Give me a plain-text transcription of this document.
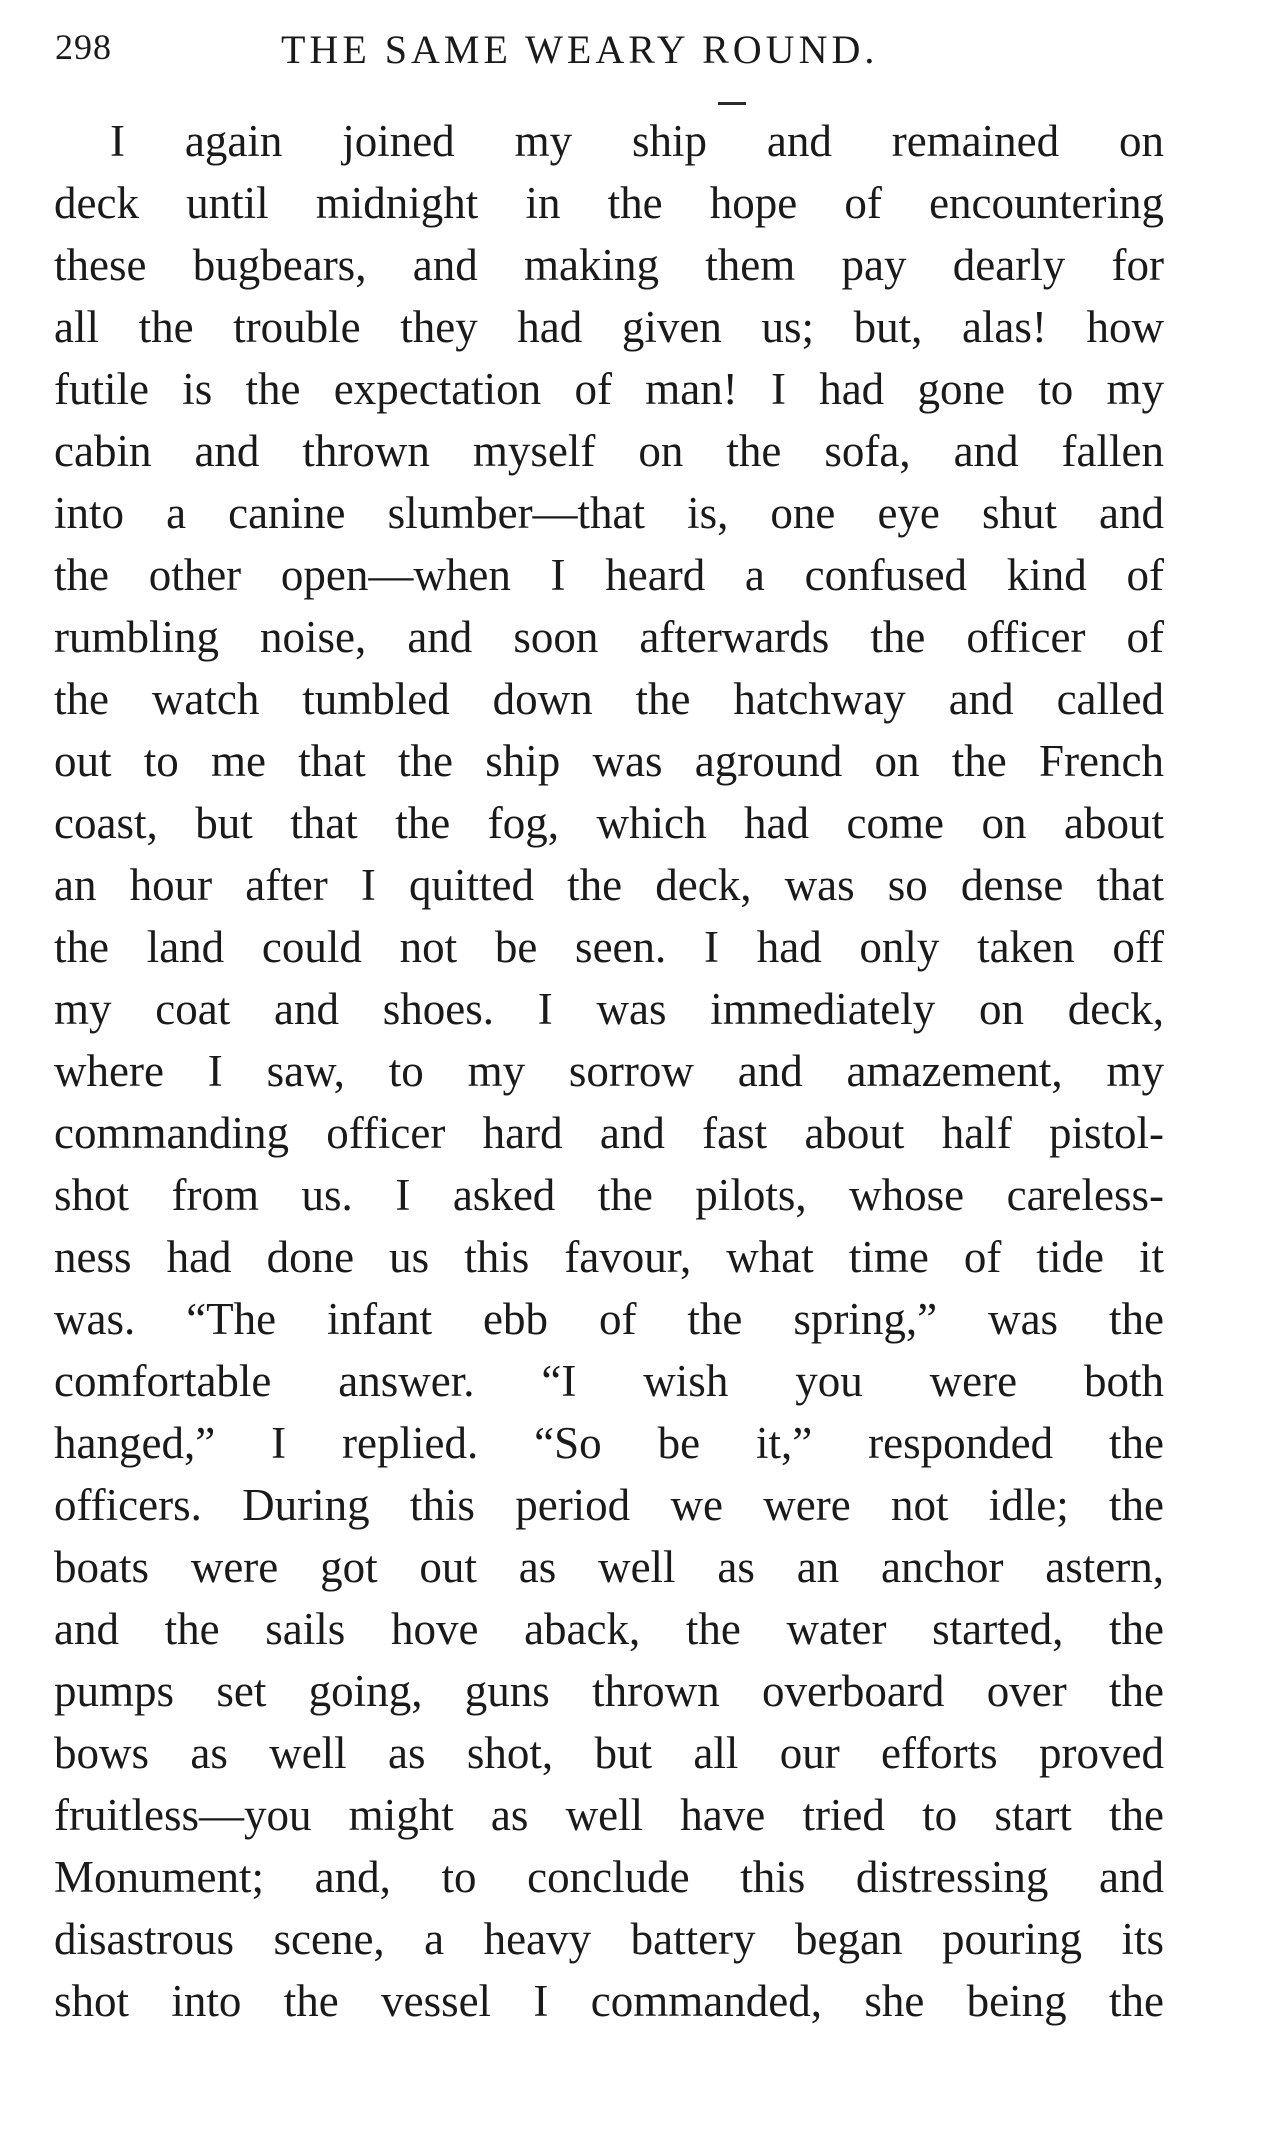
298	THE SAME WEARY ROUND.
I again joined my ship and remained on
deck until midnight in the hope of encountering
these bugbears, and making them pay dearly for
all the trouble they had given us; but, alas! how
futile is the expectation of man! I had gone to my
cabin and thrown myself on the sofa, and fallen
into a canine slumber—that is, one eye shut and
the other open—when I heard a confused kind of
rumbling noise, and soon afterwards the officer of
the watch tumbled down the hatchway and called
out to me that the ship was aground on the French
coast, but that the fog, which had come on about
an hour after I quitted the deck, was so dense that
the land could not be seen. I had only taken off
my coat and shoes. I was immediately on deck,
where I saw, to my sorrow and amazement, my
commanding officer hard and fast about half pistol-
shot from us. I asked the pilots, whose careless-
ness had done us this favour, what time of tide it
was. “The infant ebb of the spring,” was the
comfortable answer. “I wish you were both
hanged,” I replied. “So be it,” responded the
officers. During this period we were not idle; the
boats were got out as well as an anchor astern,
and the sails hove aback, the water started, the
pumps set going, guns thrown overboard over the
bows as well as shot, but all our efforts proved
fruitless—you might as well have tried to start the
Monument; and, to conclude this distressing and
disastrous scene, a heavy battery began pouring its
shot into the vessel I commanded, she being the
